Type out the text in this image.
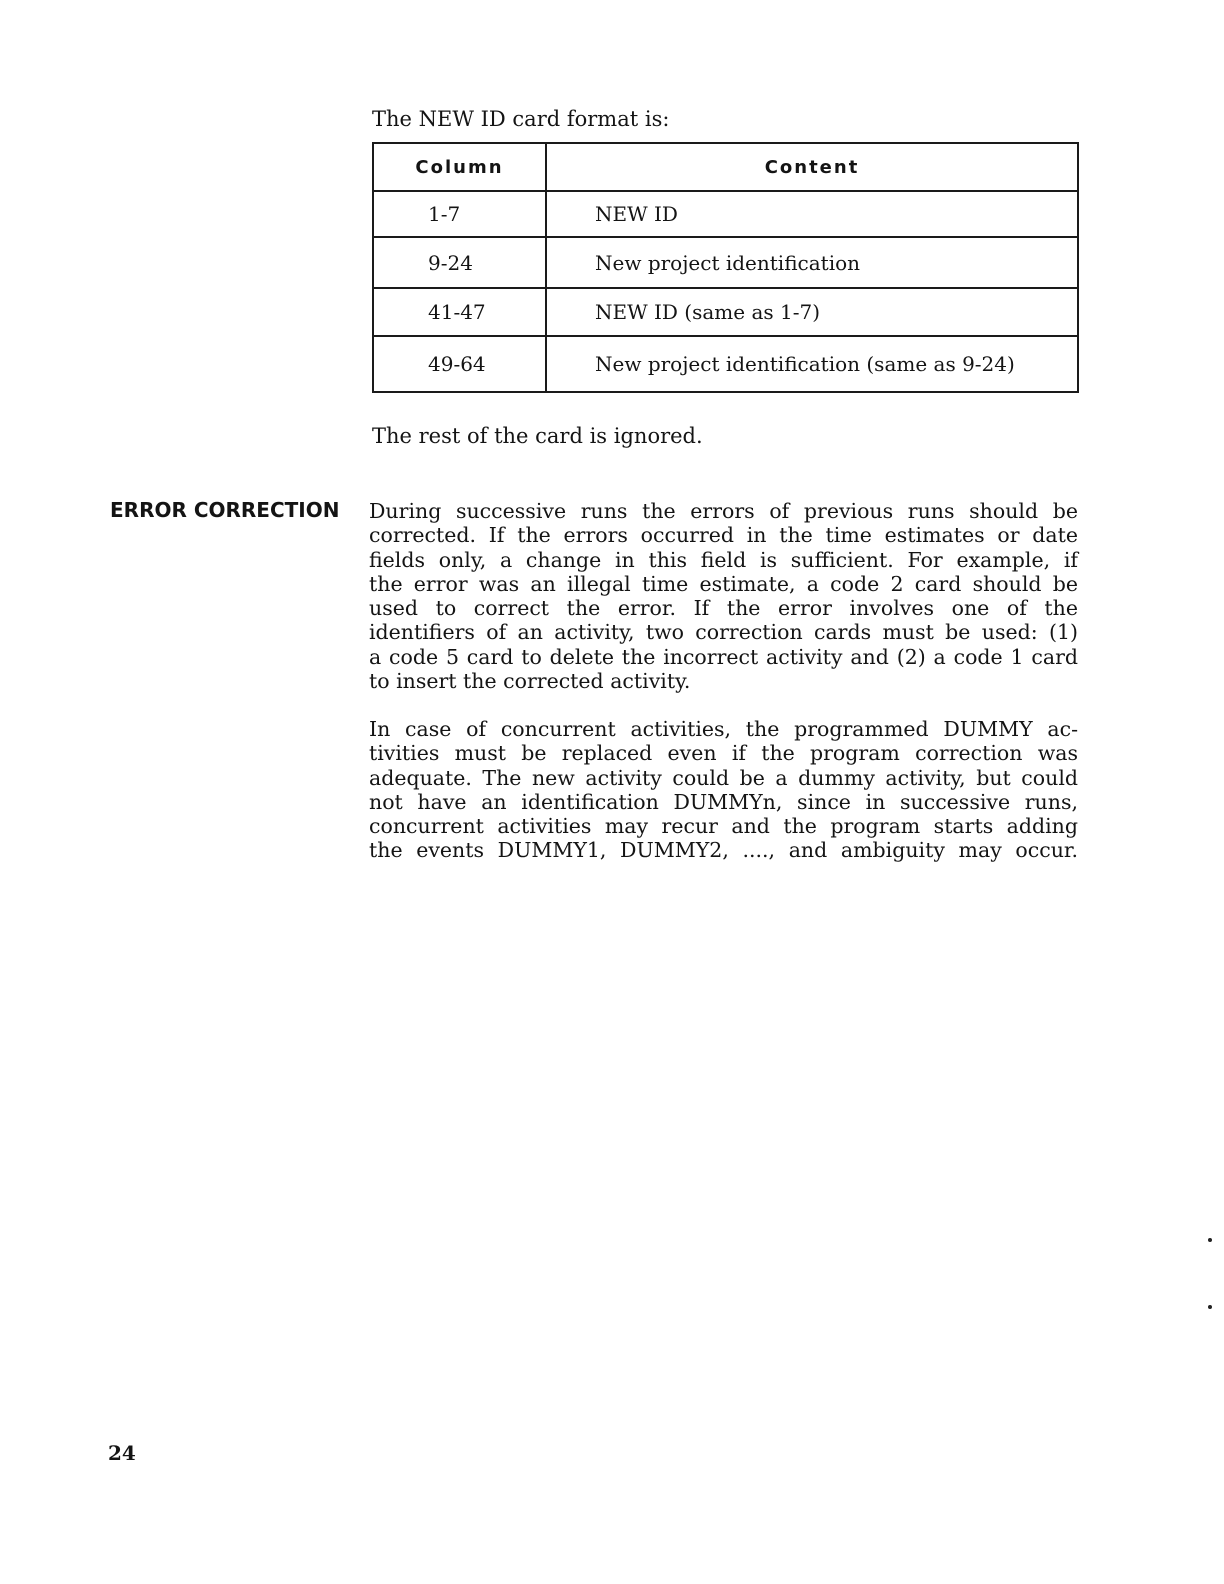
The NEW ID card format is:

Column	Content
1-7	NEW ID
9-24	New project identification
41-47	NEW ID (same as 1-7)
49-64	New project identification (same as 9-24)

The rest of the card is ignored.

ERROR CORRECTION During successive runs the errors of previous runs should be
corrected. If the errors occurred in the time estimates or date
fields only, a change in this field is sufficient. For example, if
the error was an illegal time estimate, a code 2 card should be
used to correct the error. If the error involves one of the
identifiers of an activity, two correction cards must be used: (1)
a code 5 card to delete the incorrect activity and (2) a code 1 card
to insert the corrected activity.
In case of concurrent activities, the programmed DUMMY ac-
tivities must be replaced even if the program correction was
adequate. The new activity could be a dummy activity, but could
not have an identification DUMMYn, since in successive runs,
concurrent activities may recur and the program starts adding
the events DUMMY1, DUMMY2, ...., and ambiguity may occur.

24
